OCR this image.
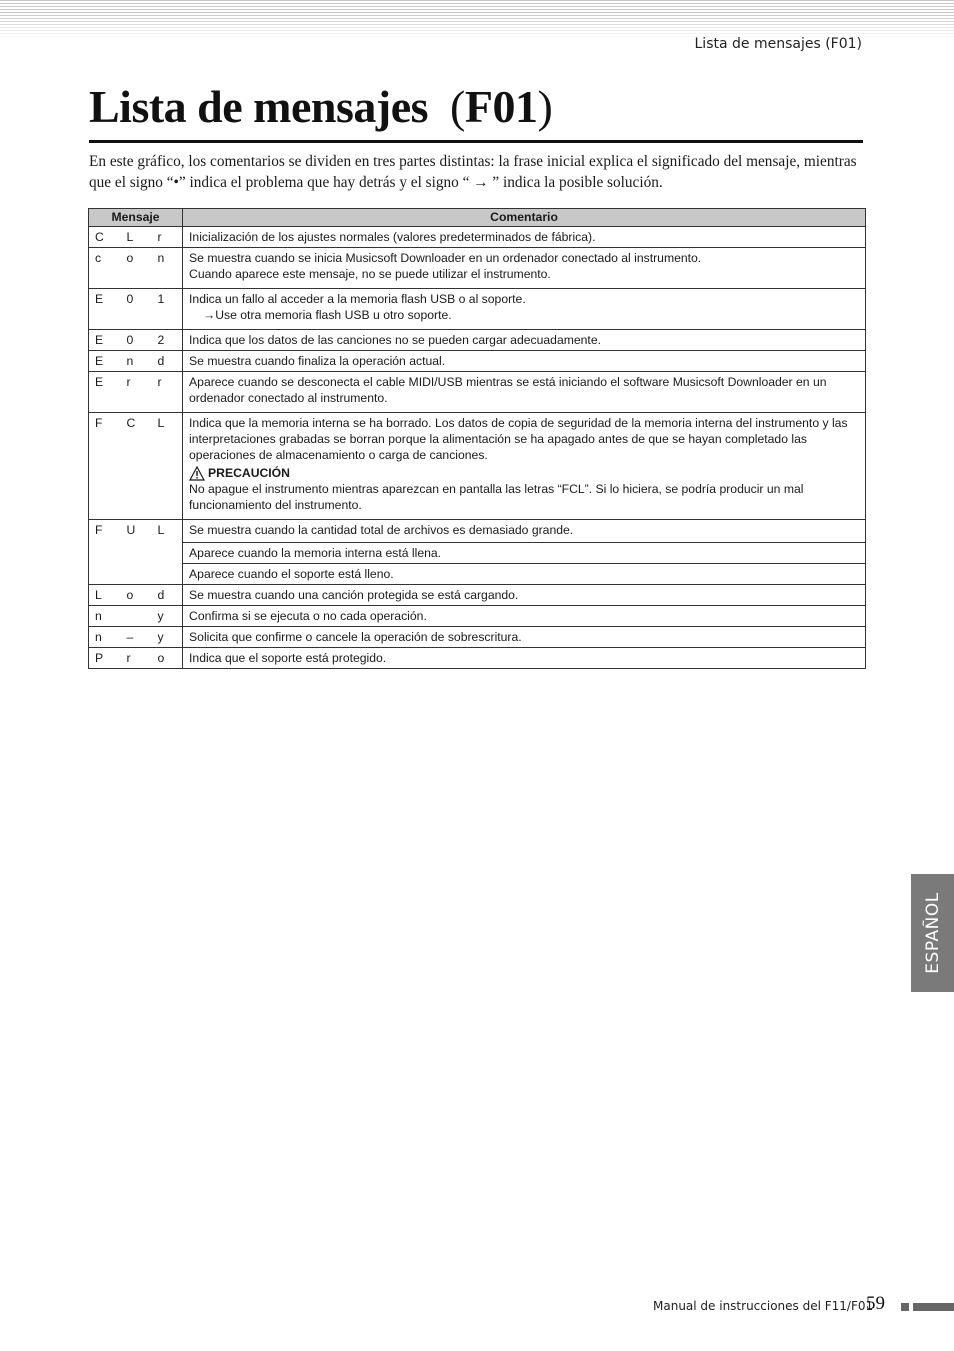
Lista de mensajes (F01)
Lista de mensajes (F01)

En este gráfico, los comentarios se dividen en tres partes distintas: la frase inicial explica el significado del mensaje, mientras que el signo “•” indica el problema que hay detrás y el signo “ → ” indica la posible solución.

Mensaje			Comentario
C	L	r	Inicialización de los ajustes normales (valores predeterminados de fábrica).
c	o	n	Se muestra cuando se inicia Musicsoft Downloader en un ordenador conectado al instrumento.
Cuando aparece este mensaje, no se puede utilizar el instrumento.

E	0	1	Indica un fallo al acceder a la memoria flash USB o al soporte.
→Use otra memoria flash USB u otro soporte.

E	0	2	Indica que los datos de las canciones no se pueden cargar adecuadamente.
E	n	d	Se muestra cuando finaliza la operación actual.
E	r	r	Aparece cuando se desconecta el cable MIDI/USB mientras se está iniciando el software Musicsoft Downloader en un ordenador conectado al instrumento.
F	C	L	Indica que la memoria interna se ha borrado. Los datos de copia de seguridad de la memoria interna del instrumento y las interpretaciones grabadas se borran porque la alimentación se ha apagado antes de que se hayan completado las operaciones de almacenamiento o carga de canciones.
PRECAUCIÓN
No apague el instrumento mientras aparezcan en pantalla las letras “FCL”. Si lo hiciera, se podría producir un mal funcionamiento del instrumento.

F	U	L	Se muestra cuando la cantidad total de archivos es demasiado grande.
			Aparece cuando la memoria interna está llena.
			Aparece cuando el soporte está lleno.
L	o	d	Se muestra cuando una canción protegida se está cargando.
n		y	Confirma si se ejecuta o no cada operación.
n	–	y	Solicita que confirme o cancele la operación de sobrescritura.
P	r	o	Indica que el soporte está protegido.
ESPAÑOL
Manual de instrucciones del F11/F01
59
